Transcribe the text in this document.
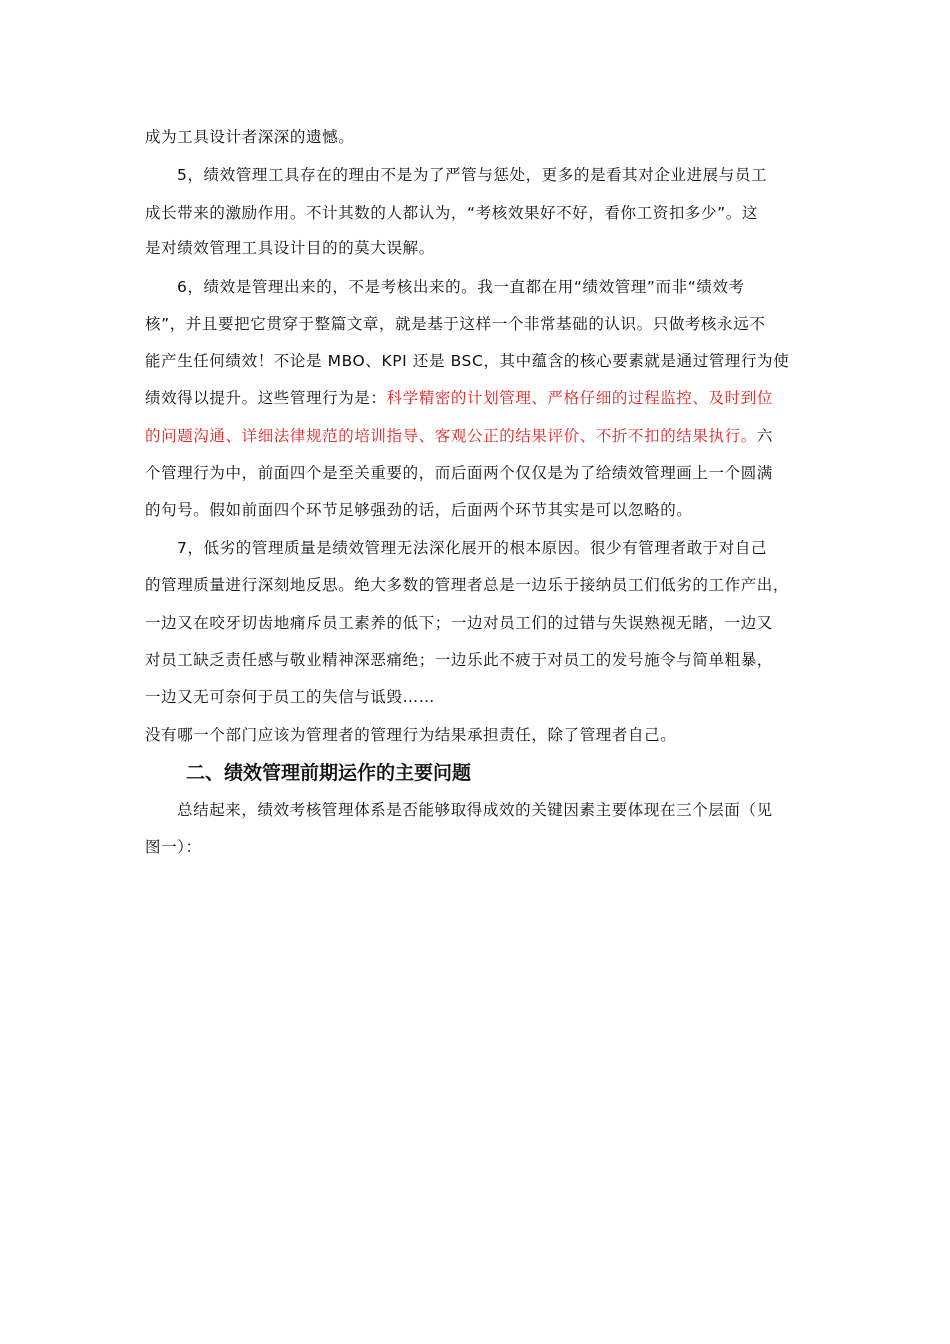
成为工具设计者深深的遗憾。
5，绩效管理工具存在的理由不是为了严管与惩处，更多的是看其对企业进展与员工
成长带来的激励作用。不计其数的人都认为，“考核效果好不好，看你工资扣多少”。这
是对绩效管理工具设计目的的莫大误解。
6，绩效是管理出来的，不是考核出来的。我一直都在用“绩效管理”而非“绩效考
核”，并且要把它贯穿于整篇文章，就是基于这样一个非常基础的认识。只做考核永远不
能产生任何绩效！不论是 MBO、KPI 还是 BSC，其中蕴含的核心要素就是通过管理行为使
绩效得以提升。这些管理行为是：科学精密的计划管理、严格仔细的过程监控、及时到位
的问题沟通、详细法律规范的培训指导、客观公正的结果评价、不折不扣的结果执行。六
个管理行为中，前面四个是至关重要的，而后面两个仅仅是为了给绩效管理画上一个圆满
的句号。假如前面四个环节足够强劲的话，后面两个环节其实是可以忽略的。
7，低劣的管理质量是绩效管理无法深化展开的根本原因。很少有管理者敢于对自己
的管理质量进行深刻地反思。绝大多数的管理者总是一边乐于接纳员工们低劣的工作产出，
一边又在咬牙切齿地痛斥员工素养的低下；一边对员工们的过错与失误熟视无睹，一边又
对员工缺乏责任感与敬业精神深恶痛绝；一边乐此不疲于对员工的发号施令与简单粗暴，
一边又无可奈何于员工的失信与诋毁……
没有哪一个部门应该为管理者的管理行为结果承担责任，除了管理者自己。
二、绩效管理前期运作的主要问题
总结起来，绩效考核管理体系是否能够取得成效的关键因素主要体现在三个层面（见
图一）：
